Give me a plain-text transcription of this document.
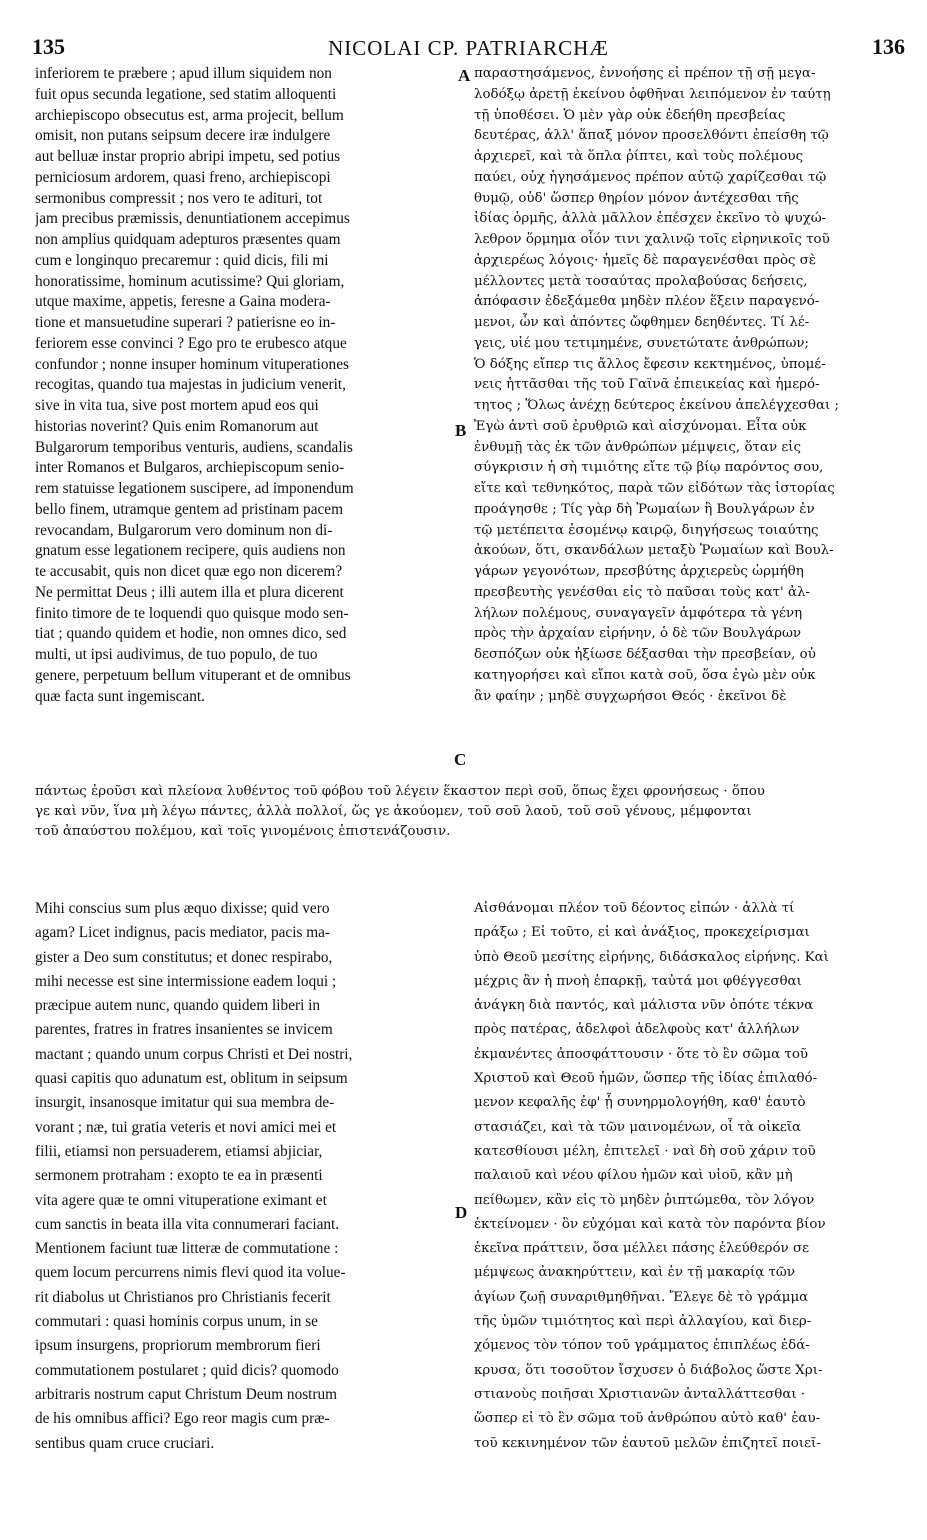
135	NICOLAI CP. PATRIARCHÆ	136

inferiorem te præbere ; apud illum siquidem non

fuit opus secunda legatione, sed statim alloquenti

archiepiscopo obsecutus est, arma projecit, bellum

omisit, non putans seipsum decere iræ indulgere

aut belluæ instar proprio abripi impetu, sed potius

perniciosum ardorem, quasi freno, archiepiscopi

sermonibus compressit ; nos vero te adituri, tot

jam precibus præmissis, denuntiationem accepimus

non amplius quidquam adepturos præsentes quam

cum e longinquo precaremur : quid dicis, fili mi

honoratissime, hominum acutissime? Qui gloriam,

utque maxime, appetis, feresne a Gaina modera-

tione et mansuetudine superari ? patierisne eo in-

feriorem esse convinci ? Ego pro te erubesco atque

confundor ; nonne insuper hominum vituperationes

recogitas, quando tua majestas in judicium venerit,

sive in vita tua, sive post mortem apud eos qui

historias noverint? Quis enim Romanorum aut

Bulgarorum temporibus venturis, audiens, scandalis

inter Romanos et Bulgaros, archiepiscopum senio-

rem statuisse legationem suscipere, ad imponendum

bello finem, utramque gentem ad pristinam pacem

revocandam, Bulgarorum vero dominum non di-

gnatum esse legationem recipere, quis audiens non

te accusabit, quis non dicet quæ ego non dicerem?

Ne permittat Deus ; illi autem illa et plura dicerent

finito timore de te loquendi quo quisque modo sen-

tiat ; quando quidem et hodie, non omnes dico, sed

multi, ut ipsi audivimus, de tuo populo, de tuo

genere, perpetuum bellum vituperant et de omnibus

quæ facta sunt ingemiscant.

παραστησάμενος, ἐννοήσης εἰ πρέπον τῇ σῇ μεγα-

λοδόξῳ ἀρετῇ ἐκείνου ὀφθῆναι λειπόμενον ἐν ταύτῃ

τῇ ὑποθέσει. Ὁ μὲν γὰρ οὐκ ἐδεήθη πρεσβείας

δευτέρας, ἀλλ' ἅπαξ μόνον προσελθόντι ἐπείσθη τῷ

ἀρχιερεῖ, καὶ τὰ ὅπλα ῥίπτει, καὶ τοὺς πολέμους

παύει, οὐχ ἡγησάμενος πρέπον αὐτῷ χαρίζεσθαι τῷ

θυμῷ, οὐδ' ὥσπερ θηρίον μόνον ἀντέχεσθαι τῆς

ἰδίας ὁρμῆς, ἀλλὰ μᾶλλον ἐπέσχεν ἐκεῖνο τὸ ψυχώ-

λεθρον ὅρμημα οἷόν τινι χαλινῷ τοῖς εἰρηνικοῖς τοῦ

ἀρχιερέως λόγοις· ἡμεῖς δὲ παραγενέσθαι πρὸς σὲ

μέλλοντες μετὰ τοσαύτας προλαβούσας δεήσεις,

ἀπόφασιν ἐδεξάμεθα μηδὲν πλέον ἕξειν παραγενό-

μενοι, ὧν καὶ ἀπόντες ὤφθημεν δεηθέντες. Τί λέ-

γεις, υἱέ μου τετιμημένε, συνετώτατε ἀνθρώπων;

Ὁ δόξης εἴπερ τις ἄλλος ἔφεσιν κεκτημένος, ὑπομέ-

νεις ἡττᾶσθαι τῆς τοῦ Γαϊνᾶ ἐπιεικείας καὶ ἡμερό-

τητος ; Ὅλως ἀνέχῃ δεύτερος ἐκείνου ἀπελέγχεσθαι ;

Ἐγὼ ἀντὶ σοῦ ἐρυθριῶ καὶ αἰσχύνομαι. Εἶτα οὐκ

ἐνθυμῇ τὰς ἐκ τῶν ἀνθρώπων μέμψεις, ὅταν εἰς

σύγκρισιν ἡ σὴ τιμιότης εἴτε τῷ βίῳ παρόντος σου,

εἴτε καὶ τεθνηκότος, παρὰ τῶν εἰδότων τὰς ἱστορίας

προάγησθε ; Τίς γὰρ δὴ Ῥωμαίων ἢ Βουλγάρων ἐν

τῷ μετέπειτα ἐσομένῳ καιρῷ, διηγήσεως τοιαύτης

ἀκούων, ὅτι, σκανδάλων μεταξὺ Ῥωμαίων καὶ Βουλ-

γάρων γεγονότων, πρεσβύτης ἀρχιερεὺς ὡρμήθη

πρεσβευτὴς γενέσθαι εἰς τὸ παῦσαι τοὺς κατ' ἀλ-

λήλων πολέμους, συναγαγεῖν ἀμφότερα τὰ γένη

πρὸς τὴν ἀρχαίαν εἰρήνην, ὁ δὲ τῶν Βουλγάρων

δεσπόζων οὐκ ἠξίωσε δέξασθαι τὴν πρεσβείαν, οὐ

κατηγορήσει καὶ εἴποι κατὰ σοῦ, ὅσα ἐγὼ μὲν οὐκ

ἂν φαίην ; μηδὲ συγχωρήσοι Θεός · ἐκεῖνοι δὲ

πάντως ἐροῦσι καὶ πλείονα λυθέντος τοῦ φόβου τοῦ λέγειν ἕκαστον περὶ σοῦ, ὅπως ἔχει φρονήσεως · ὅπου

γε καὶ νῦν, ἵνα μὴ λέγω πάντες, ἀλλὰ πολλοί, ὥς γε ἀκούομεν, τοῦ σοῦ λαοῦ, τοῦ σοῦ γένους, μέμφονται

τοῦ ἀπαύστου πολέμου, καὶ τοῖς γινομένοις ἐπιστενάζουσιν.

Mihi conscius sum plus æquo dixisse; quid vero

agam? Licet indignus, pacis mediator, pacis ma-

gister a Deo sum constitutus; et donec respirabo,

mihi necesse est sine intermissione eadem loqui ;

præcipue autem nunc, quando quidem liberi in

parentes, fratres in fratres insanientes se invicem

mactant ; quando unum corpus Christi et Dei nostri,

quasi capitis quo adunatum est, oblitum in seipsum

insurgit, insanosque imitatur qui sua membra de-

vorant ; næ, tui gratia veteris et novi amici mei et

filii, etiamsi non persuaderem, etiamsi abjiciar,

sermonem protraham : exopto te ea in præsenti

vita agere quæ te omni vituperatione eximant et

cum sanctis in beata illa vita connumerari faciant.

Mentionem faciunt tuæ litteræ de commutatione :

quem locum percurrens nimis flevi quod ita volue-

rit diabolus ut Christianos pro Christianis fecerit

commutari : quasi hominis corpus unum, in se

ipsum insurgens, propriorum membrorum fieri

commutationem postularet ; quid dicis? quomodo

arbitraris nostrum caput Christum Deum nostrum

de his omnibus affici? Ego reor magis cum præ-

sentibus quam cruce cruciari.

Αἰσθάνομαι πλέον τοῦ δέοντος εἰπών · ἀλλὰ τί

πράξω ; Εἰ τοῦτο, εἰ καὶ ἀνάξιος, προκεχείρισμαι

ὑπὸ Θεοῦ μεσίτης εἰρήνης, διδάσκαλος εἰρήνης. Καὶ

μέχρις ἂν ἡ πνοὴ ἐπαρκῇ, ταὐτά μοι φθέγγεσθαι

ἀνάγκη διὰ παντός, καὶ μάλιστα νῦν ὁπότε τέκνα

πρὸς πατέρας, ἀδελφοὶ ἀδελφοὺς κατ' ἀλλήλων

ἐκμανέντες ἀποσφάττουσιν · ὅτε τὸ ἓν σῶμα τοῦ

Χριστοῦ καὶ Θεοῦ ἡμῶν, ὥσπερ τῆς ἰδίας ἐπιλαθό-

μενον κεφαλῆς ἐφ' ᾗ συνηρμολογήθη, καθ' ἑαυτὸ

στασιάζει, καὶ τὰ τῶν μαινομένων, οἷ τὰ οἰκεῖα

κατεσθίουσι μέλη, ἐπιτελεῖ · ναὶ δὴ σοῦ χάριν τοῦ

παλαιοῦ καὶ νέου φίλου ἡμῶν καὶ υἱοῦ, κἂν μὴ

πείθωμεν, κἂν εἰς τὸ μηδὲν ῥιπτώμεθα, τὸν λόγον

ἐκτείνομεν · ὃν εὐχόμαι καὶ κατὰ τὸν παρόντα βίον

ἐκεῖνα πράττειν, ὅσα μέλλει πάσης ἐλεύθερόν σε

μέμψεως ἀνακηρύττειν, καὶ ἐν τῇ μακαρίᾳ τῶν

ἁγίων ζωῇ συναριθμηθῆναι. Ἔλεγε δὲ τὸ γράμμα

τῆς ὑμῶν τιμιότητος καὶ περὶ ἀλλαγίου, καὶ διερ-

χόμενος τὸν τόπον τοῦ γράμματος ἐπιπλέως ἐδά-

κρυσα, ὅτι τοσοῦτον ἴσχυσεν ὁ διάβολος ὥστε Χρι-

στιανοὺς ποιῆσαι Χριστιανῶν ἀνταλλάττεσθαι ·

ὥσπερ εἰ τὸ ἓν σῶμα τοῦ ἀνθρώπου αὐτὸ καθ' ἑαυ-

τοῦ κεκινημένον τῶν ἑαυτοῦ μελῶν ἐπιζητεῖ ποιεῖ-

A
B
C
D
